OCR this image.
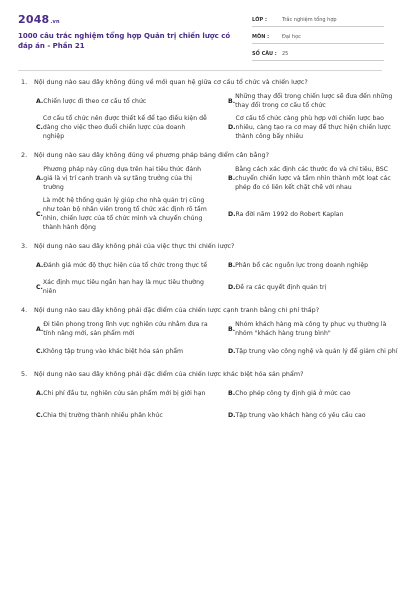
2048.vn
1000 câu trắc nghiệm tổng hợp Quản trị chiến lược có đáp án - Phần 21
LỚP :	Trắc nghiệm tổng hợp
MÔN :	Đại học
SỐ CÂU : 25
1. Nội dung nào sau đây không đúng về mối quan hệ giữa cơ cấu tổ chức và chiến lược?
A. Chiến lược đi theo cơ cấu tổ chức	B.
Những thay đổi trong chiến lược sẽ đưa đến những thay đổi trong cơ cấu tổ chức
C.
Cơ cấu tổ chức nên được thiết kế để tạo điều kiện dễ dàng cho việc theo đuổi chiến lược của doanh nghiệp
D.
Cơ cấu tổ chức càng phù hợp với chiến lược bao nhiêu, càng tạo ra cơ may để thực hiện chiến lược thành công bấy nhiêu
2. Nội dung nào sau đây không đúng về phương pháp bảng điểm cân bằng?
A.
Phương pháp này cũng dựa trên hai tiêu thức đánh giá là vị trí cạnh tranh và sự tăng trưởng của thị trường
B.
Bằng cách xác định các thước đo và chỉ tiêu, BSC chuyển chiến lược và tầm nhìn thành một loạt các phép đo có liên kết chặt chẽ với nhau
C.
Là một hệ thống quản lý giúp cho nhà quản trị cũng như toàn bộ nhân viên trong tổ chức xác định rõ tầm nhìn, chiến lược của tổ chức mình và chuyển chúng thành hành động
D. Ra đời năm 1992 do Robert Kaplan
3. Nội dung nào sau đây không phải của việc thực thi chiến lược?
A. Đánh giá mức độ thực hiện của tổ chức trong thực tế	B. Phân bổ các nguồn lực trong doanh nghiệp
C.
Xác định mục tiêu ngắn hạn hay là mục tiêu thường niên
D. Đề ra các quyết định quản trị
4. Nội dung nào sau đây không phải đặc điểm của chiến lược cạnh tranh bằng chi phí thấp?
A.
Đi tiên phong trong lĩnh vực nghiên cứu nhằm đưa ra tính năng mới, sản phẩm mới
B.
Nhóm khách hàng mà công ty phục vụ thường là nhóm "khách hàng trung bình"
C. Không tập trung vào khác biệt hóa sản phẩm	D. Tập trung vào công nghệ và quản lý để giảm chi phí
5. Nội dung nào sau đây không phải đặc điểm của chiến lược khác biệt hóa sản phẩm?
A. Chi phí đầu tư, nghiên cứu sản phẩm mới bị giới hạn	B. Cho phép công ty định giá ở mức cao
C. Chia thị trường thành nhiều phân khúc	D. Tập trung vào khách hàng có yêu cầu cao
